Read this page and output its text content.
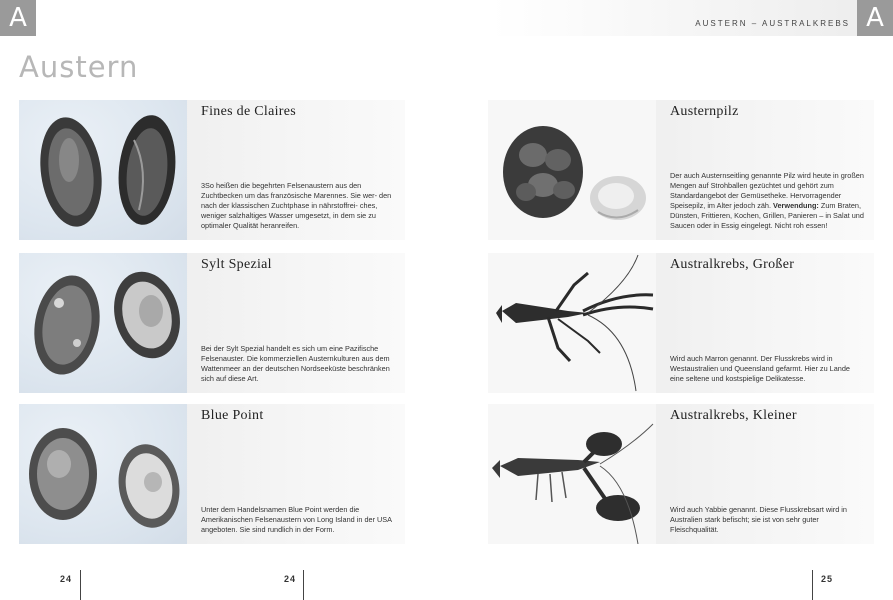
A	A
AUSTERN – AUSTRALKREBS
Austern
Fines de Claires
3So heißen die begehrten Felsenaustern aus den Zuchtbecken um das französische Marennes. Sie wer- den nach der klassischen Zuchtphase in nährstoffrei- ches, weniger salzhaltiges Wasser umgesetzt, in dem sie zu optimaler Qualität heranreifen.
Sylt Spezial
Bei der Sylt Spezial handelt es sich um eine Pazifische Felsenauster. Die kommerziellen Austernkulturen aus dem Wattenmeer an der deutschen Nordseeküste beschränken sich auf diese Art.
Blue Point
Unter dem Handelsnamen Blue Point werden die Amerikanischen Felsenaustern von Long Island in der USA angeboten. Sie sind rundlich in der Form.
Austernpilz
Der auch Austernseitling genannte Pilz wird heute in großen Mengen auf Strohballen gezüchtet und gehört zum Standardangebot der Gemüsetheke. Hervorragender Speisepilz, im Alter jedoch zäh. Verwendung: Zum Braten, Dünsten, Frittieren, Kochen, Grillen, Panieren – in Salat und Saucen oder in Essig eingelegt. Nicht roh essen!
Australkrebs, Großer
Wird auch Marron genannt. Der Flusskrebs wird in Westaustralien und Queensland gefarmt. Hier zu Lande eine seltene und kostspielige Delikatesse.
Australkrebs, Kleiner
Wird auch Yabbie genannt. Diese Flusskrebsart wird in Australien stark befischt; sie ist von sehr guter Fleischqualität.
24	24	25
